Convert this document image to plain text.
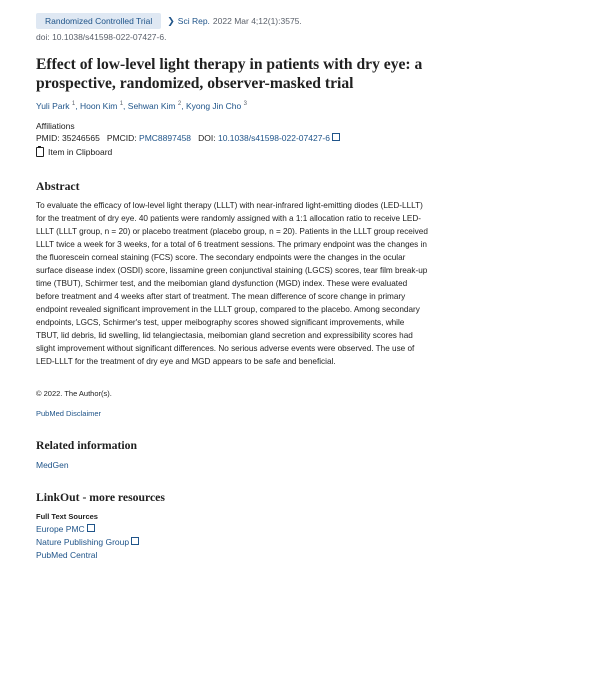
Randomized Controlled Trial	❯ Sci Rep. 2022 Mar 4;12(1):3575.
doi: 10.1038/s41598-022-07427-6.
Effect of low-level light therapy in patients with dry eye: a prospective, randomized, observer-masked trial
Yuli Park $^1$, Hoon Kim $^1$, Sehwan Kim $^2$, Kyong Jin Cho $^3$
Affiliations
PMID: 35246565 PMCID: PMC8897458 DOI: 10.1038/s41598-022-07427-6
Item in Clipboard
Abstract

To evaluate the efficacy of low-level light therapy (LLLT) with near-infrared light-emitting diodes (LED-LLLT) for the treatment of dry eye. 40 patients were randomly assigned with a 1:1 allocation ratio to receive LED-LLLT (LLLT group, n = 20) or placebo treatment (placebo group, n = 20). Patients in the LLLT group received LLLT twice a week for 3 weeks, for a total of 6 treatment sessions. The primary endpoint was the changes in the fluorescein corneal staining (FCS) score. The secondary endpoints were the changes in the ocular surface disease index (OSDI) score, lissamine green conjunctival staining (LGCS) scores, tear film break-up time (TBUT), Schirmer test, and the meibomian gland dysfunction (MGD) index. These were evaluated before treatment and 4 weeks after start of treatment. The mean difference of score change in primary endpoint revealed significant improvement in the LLLT group, compared to the placebo. Among secondary endpoints, LGCS, Schirmer's test, upper meibography scores showed significant improvements, while TBUT, lid debris, lid swelling, lid telangiectasia, meibomian gland secretion and expressibility scores had slight improvement without significant differences. No serious adverse events were observed. The use of LED-LLLT for the treatment of dry eye and MGD appears to be safe and beneficial.

© 2022. The Author(s).
PubMed Disclaimer
Related information
MedGen
LinkOut - more resources
Full Text Sources
Europe PMC
Nature Publishing Group
PubMed Central
